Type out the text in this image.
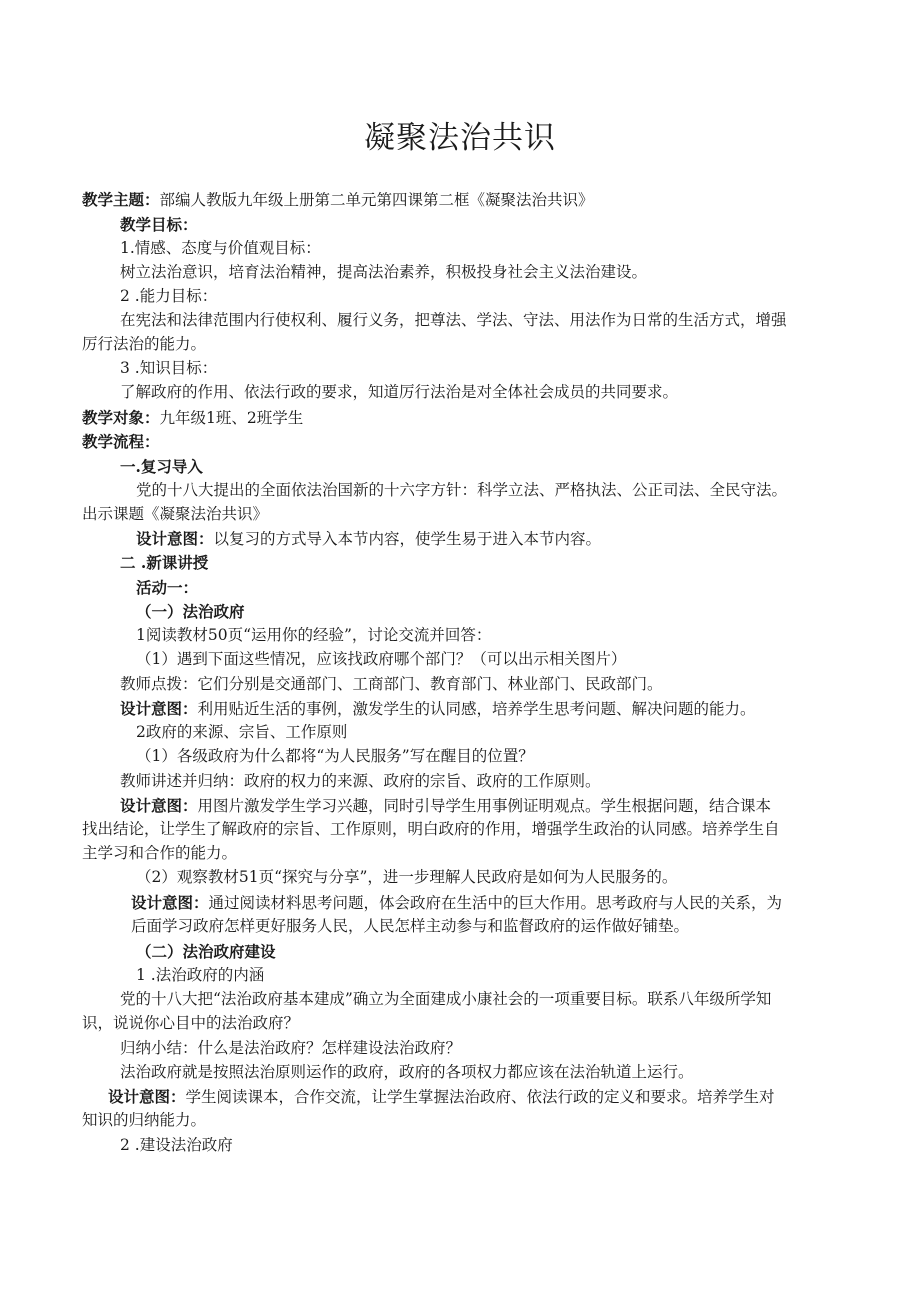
凝聚法治共识
教学主题：部编人教版九年级上册第二单元第四课第二框《凝聚法治共识》
教学目标：
1.情感、态度与价值观目标：
树立法治意识，培育法治精神，提高法治素养，积极投身社会主义法治建设。
2 .能力目标：
在宪法和法律范围内行使权利、履行义务，把尊法、学法、守法、用法作为日常的生活方式，增强
厉行法治的能力。
3 .知识目标：
了解政府的作用、依法行政的要求，知道厉行法治是对全体社会成员的共同要求。
教学对象：九年级1班、2班学生
教学流程：
一.复习导入
党的十八大提出的全面依法治国新的十六字方针：科学立法、严格执法、公正司法、全民守法。
出示课题《凝聚法治共识》
设计意图：以复习的方式导入本节内容，使学生易于进入本节内容。
二 .新课讲授
活动一：
（一）法治政府
1阅读教材50页“运用你的经验”，讨论交流并回答：
（1）遇到下面这些情况，应该找政府哪个部门？（可以出示相关图片）
教师点拨：它们分别是交通部门、工商部门、教育部门、林业部门、民政部门。
设计意图：利用贴近生活的事例，激发学生的认同感，培养学生思考问题、解决问题的能力。
2政府的来源、宗旨、工作原则
（1）各级政府为什么都将“为人民服务”写在醒目的位置？
教师讲述并归纳：政府的权力的来源、政府的宗旨、政府的工作原则。
设计意图：用图片激发学生学习兴趣，同时引导学生用事例证明观点。学生根据问题，结合课本
找出结论，让学生了解政府的宗旨、工作原则，明白政府的作用，增强学生政治的认同感。培养学生自
主学习和合作的能力。
（2）观察教材51页“探究与分享”，进一步理解人民政府是如何为人民服务的。
设计意图：通过阅读材料思考问题，体会政府在生活中的巨大作用。思考政府与人民的关系，为
后面学习政府怎样更好服务人民，人民怎样主动参与和监督政府的运作做好铺垫。
（二）法治政府建设
1 .法治政府的内涵
党的十八大把“法治政府基本建成”确立为全面建成小康社会的一项重要目标。联系八年级所学知
识，说说你心目中的法治政府？
归纳小结：什么是法治政府？怎样建设法治政府？
法治政府就是按照法治原则运作的政府，政府的各项权力都应该在法治轨道上运行。
设计意图：学生阅读课本，合作交流，让学生掌握法治政府、依法行政的定义和要求。培养学生对
知识的归纳能力。
2 .建设法治政府
